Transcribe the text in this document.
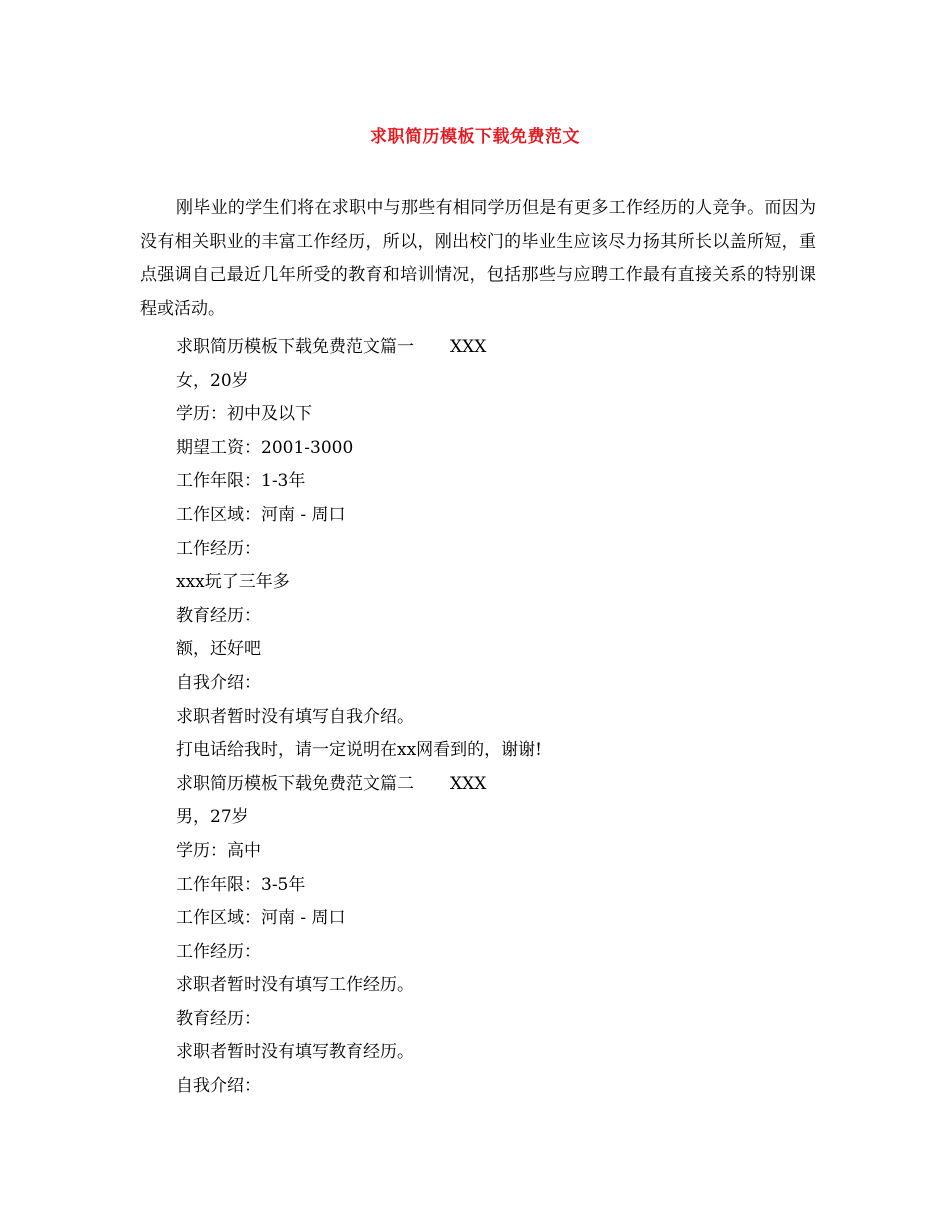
求职简历模板下载免费范文

刚毕业的学生们将在求职中与那些有相同学历但是有更多工作经历的人竞争。而因为没有相关职业的丰富工作经历，所以，刚出校门的毕业生应该尽力扬其所长以盖所短，重点强调自己最近几年所受的教育和培训情况，包括那些与应聘工作最有直接关系的特别课程或活动。

求职简历模板下载免费范文篇一 XXX
女，20岁
学历：初中及以下
期望工资：2001-3000
工作年限：1-3年
工作区域：河南 - 周口
工作经历：
xxx玩了三年多
教育经历：
额，还好吧
自我介绍：
求职者暂时没有填写自我介绍。
打电话给我时，请一定说明在xx网看到的，谢谢!
求职简历模板下载免费范文篇二 XXX
男，27岁
学历：高中
工作年限：3-5年
工作区域：河南 - 周口
工作经历：
求职者暂时没有填写工作经历。
教育经历：
求职者暂时没有填写教育经历。
自我介绍：
